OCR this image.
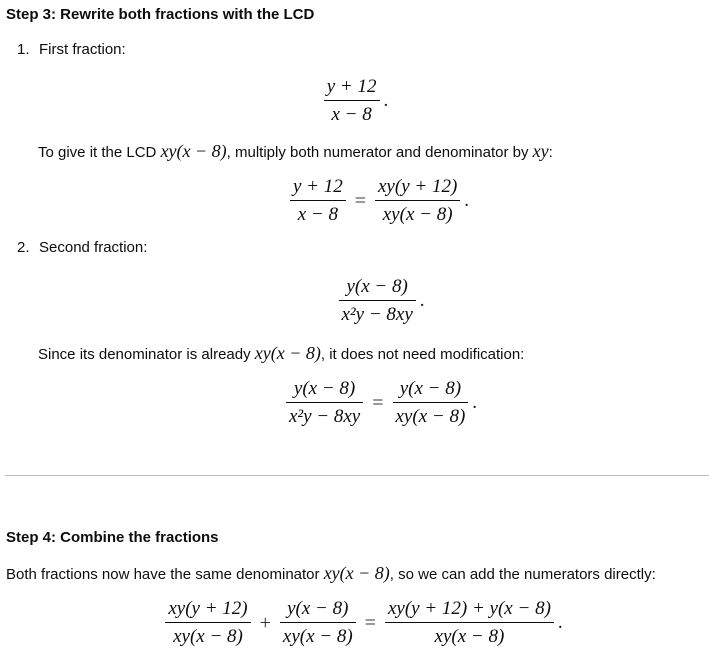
Step 3: Rewrite both fractions with the LCD
1. First fraction:
$\frac{y + 12}{x - 8}$ .
To give it the LCD xy(x − 8), multiply both numerator and denominator by xy:
$\frac{y + 12}{x - 8} = \frac{xy(y + 12)}{xy(x - 8)}$ .
2. Second fraction:
$\frac{y(x - 8)}{\text{x²y − 8xy}}$ .
Since its denominator is already xy(x − 8), it does not need modification:
$\frac{y(x - 8)}{\text{x²y − 8xy}} = \frac{y(x - 8)}{xy(x - 8)}$ .
Step 4: Combine the fractions
Both fractions now have the same denominator xy(x − 8), so we can add the numerators directly:
$\frac{xy(y + 12)}{xy(x - 8)} + \frac{y(x - 8)}{xy(x - 8)} = \frac{xy(y + 12) + y(x - 8)}{xy(x - 8)}$ .
